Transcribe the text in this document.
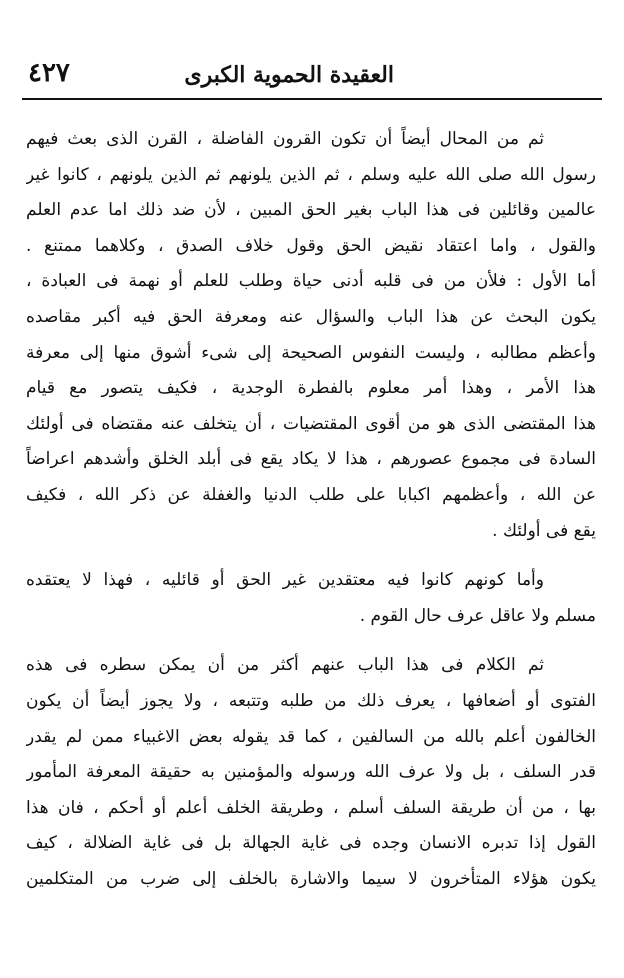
العقيدة الحموية الكبرى
٤٢٧
ثم من المحال أيضاً أن تكون القرون الفاضلة ، القرن الذى بعث فيهم
رسول الله صلى الله عليه وسلم ، ثم الذين يلونهم ثم الذين يلونهم ، كانوا غير
عالمين وقائلين فى هذا الباب بغير الحق المبين ، لأن ضد ذلك اما عدم العلم
والقول ، واما اعتقاد نقيض الحق وقول خلاف الصدق ، وكلاهما ممتنع .
أما الأول : فلأن من فى قلبه أدنى حياة وطلب للعلم أو نهمة فى العبادة ،
يكون البحث عن هذا الباب والسؤال عنه ومعرفة الحق فيه أكبر مقاصده
وأعظم مطالبه ، وليست النفوس الصحيحة إلى شىء أشوق منها إلى معرفة
هذا الأمر ، وهذا أمر معلوم بالفطرة الوجدية ، فكيف يتصور مع قيام
هذا المقتضى الذى هو من أقوى المقتضيات ، أن يتخلف عنه مقتضاه فى أولئك
السادة فى مجموع عصورهم ، هذا لا يكاد يقع فى أبلد الخلق وأشدهم اعراضاً
عن الله ، وأعظمهم اكبابا على طلب الدنيا والغفلة عن ذكر الله ، فكيف
يقع فى أولئك .
وأما كونهم كانوا فيه معتقدين غير الحق أو قائليه ، فهذا لا يعتقده
مسلم ولا عاقل عرف حال القوم .
ثم الكلام فى هذا الباب عنهم أكثر من أن يمكن سطره فى هذه
الفتوى أو أضعافها ، يعرف ذلك من طلبه وتتبعه ، ولا يجوز أيضاً أن يكون
الخالفون أعلم بالله من السالفين ، كما قد يقوله بعض الاغبياء ممن لم يقدر
قدر السلف ، بل ولا عرف الله ورسوله والمؤمنين به حقيقة المعرفة المأمور
بها ، من أن طريقة السلف أسلم ، وطريقة الخلف أعلم أو أحكم ، فان هذا
القول إذا تدبره الانسان وجده فى غاية الجهالة بل فى غاية الضلالة ، كيف
يكون هؤلاء المتأخرون لا سيما والاشارة بالخلف إلى ضرب من المتكلمين
